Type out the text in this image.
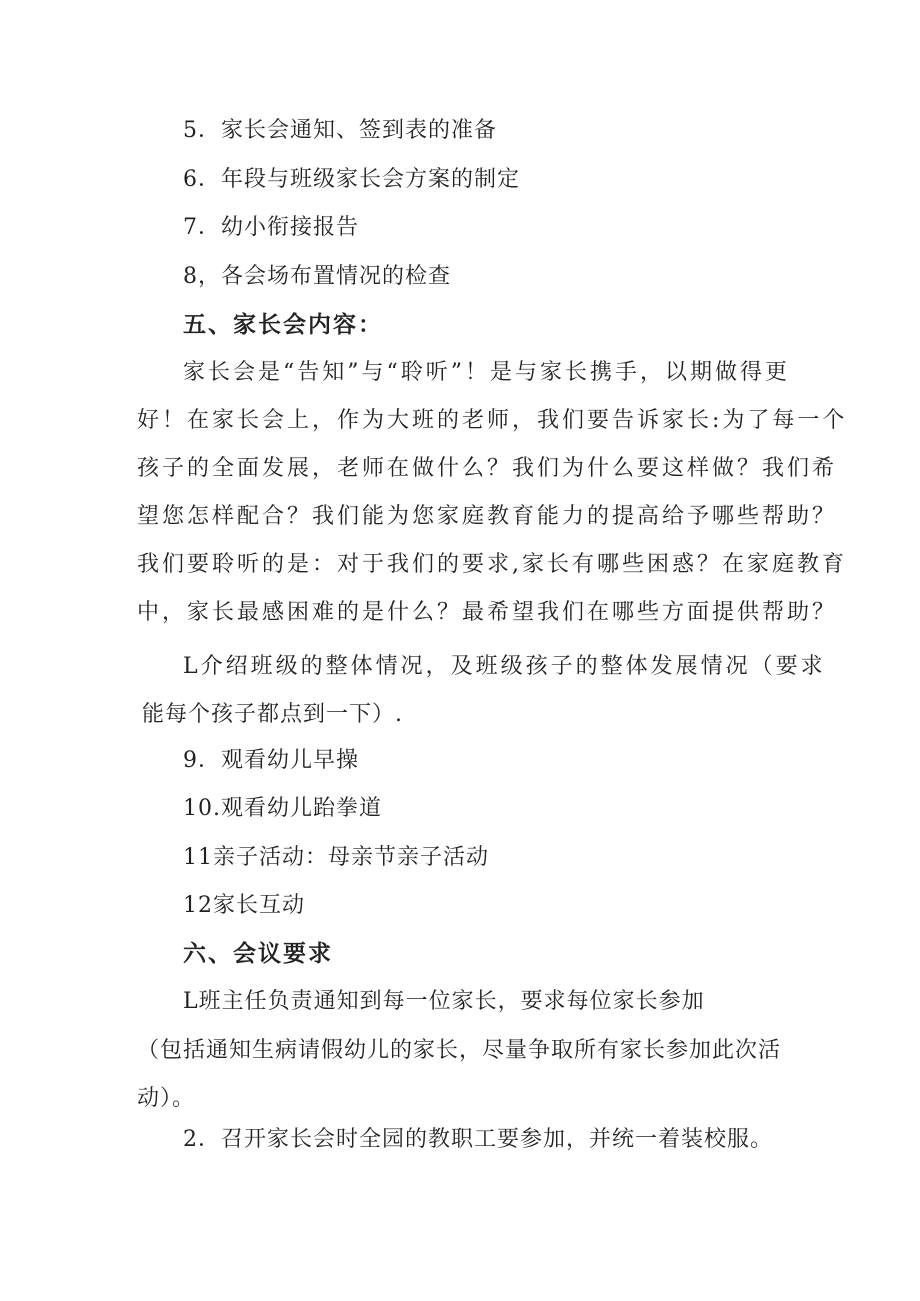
5．家长会通知、签到表的准备
6．年段与班级家长会方案的制定
7．幼小衔接报告
8，各会场布置情况的检查
五、家长会内容：
家长会是“告知”与“聆听”！是与家长携手，以期做得更
好！在家长会上，作为大班的老师，我们要告诉家长:为了每一个
孩子的全面发展，老师在做什么？我们为什么要这样做？我们希
望您怎样配合？我们能为您家庭教育能力的提高给予哪些帮助？
我们要聆听的是：对于我们的要求,家长有哪些困惑？在家庭教育
中，家长最感困难的是什么？最希望我们在哪些方面提供帮助？
L介绍班级的整体情况，及班级孩子的整体发展情况（要求
能每个孩子都点到一下）.
9．观看幼儿早操
10.观看幼儿跆拳道
11亲子活动：母亲节亲子活动
12家长互动
六、会议要求
L班主任负责通知到每一位家长，要求每位家长参加
（包括通知生病请假幼儿的家长，尽量争取所有家长参加此次活
动）。
2．召开家长会时全园的教职工要参加，并统一着装校服。
